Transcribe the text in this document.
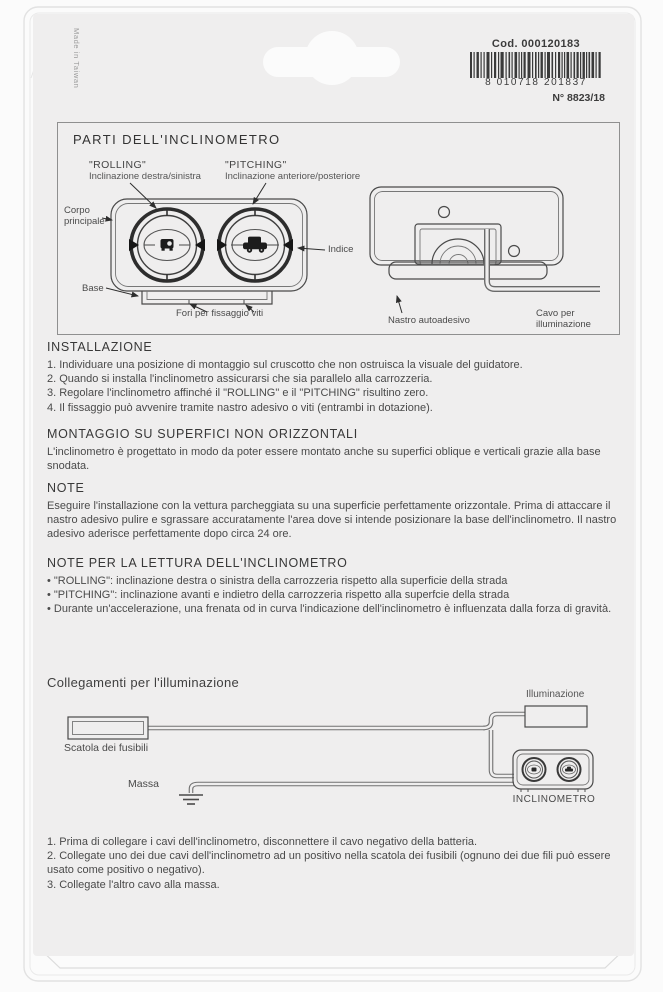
Made in Taiwan	Cod. 000120183
8 010718 201837
N° 8823/18
PARTI DELL'INCLINOMETRO
"ROLLING"
Inclinazione destra/sinistra
"PITCHING"
Inclinazione anteriore/posteriore
Corpo principale
Indice
Base
Fori per fissaggio viti
Nastro autoadesivo
Cavo per illuminazione
INSTALLAZIONE
1. Individuare una posizione di montaggio sul cruscotto che non ostruisca la visuale del guidatore.
2. Quando si installa l'inclinometro assicurarsi che sia parallelo alla carrozzeria.
3. Regolare l'inclinometro affinché il "ROLLING" e il "PITCHING" risultino zero.
4. Il fissaggio può avvenire tramite nastro adesivo o viti (entrambi in dotazione).
MONTAGGIO SU SUPERFICI NON ORIZZONTALI
L'inclinometro è progettato in modo da poter essere montato anche su superfici oblique e verticali grazie alla base snodata.
NOTE
Eseguire l'installazione con la vettura parcheggiata su una superficie perfettamente orizzontale. Prima di attaccare il nastro adesivo pulire e sgrassare accuratamente l'area dove si intende posizionare la base dell'inclinometro. Il nastro adesivo aderisce perfettamente dopo circa 24 ore.
NOTE PER LA LETTURA DELL'INCLINOMETRO
• "ROLLING": inclinazione destra o sinistra della carrozzeria rispetto alla superficie della strada
• "PITCHING": inclinazione avanti e indietro della carrozzeria rispetto alla superfcie della strada
• Durante un'accelerazione, una frenata od in curva l'indicazione dell'inclinometro è influenzata dalla forza di gravità.
Collegamenti per l'illuminazione
Illuminazione
Scatola dei fusibili
Massa
INCLINOMETRO
1. Prima di collegare i cavi dell'inclinometro, disconnettere il cavo negativo della batteria.
2. Collegate uno dei due cavi dell'inclinometro ad un positivo nella scatola dei fusibili (ognuno dei due fili può essere usato come positivo o negativo).
3. Collegate l'altro cavo alla massa.
